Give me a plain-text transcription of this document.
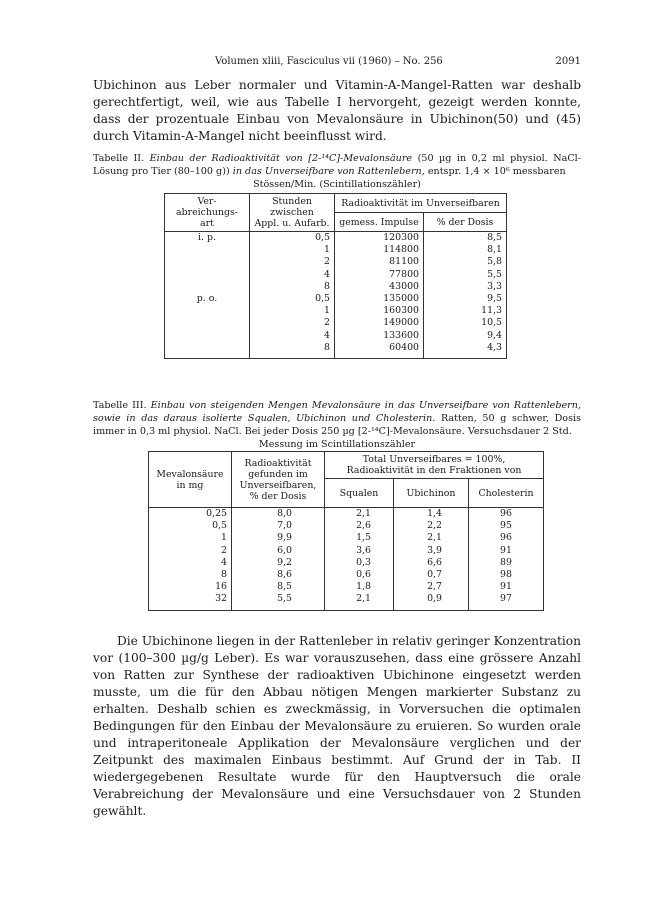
Volumen xliii, Fasciculus vii (1960) – No. 256	2091

Ubichinon aus Leber normaler und Vitamin-A-Mangel-Ratten war deshalb gerechtfertigt, weil, wie aus Tabelle I hervorgeht, gezeigt werden konnte, dass der prozentuale Einbau von Mevalonsäure in Ubichinon(50) und (45) durch Vitamin-A-Mangel nicht beeinflusst wird.

Tabelle II. Einbau der Radioaktivität von [2-¹⁴C]-Mevalonsäure (50 µg in 0,2 ml physiol. NaCl-Lösung pro Tier (80–100 g)) in das Unverseifbare von Rattenlebern, entspr. 1,4 × 10⁶ messbaren
Stössen/Min. (Scintillationszähler)

Ver-
abreichungs-
art	Stunden
zwischen
Appl. u. Aufarb.	Radioaktivität im Unverseifbaren	
		gemess. Impulse	% der Dosis
i. p.	0,5	120300	8,5
	1	114800	8,1
	2	81100	5,8
	4	77800	5,5
	8	43000	3,3
p. o.	0,5	135000	9,5
	1	160300	11,3
	2	149000	10,5
	4	133600	9,4
	8	60400	4,3

Tabelle III. Einbau von steigenden Mengen Mevalonsäure in das Unverseifbare von Rattenlebern, sowie in das daraus isolierte Squalen, Ubichinon und Cholesterin. Ratten, 50 g schwer, Dosis immer in 0,3 ml physiol. NaCl. Bei jeder Dosis 250 µg [2-¹⁴C]-Mevalonsäure. Versuchsdauer 2 Std.
Messung im Scintillationszähler

Mevalonsäure
in mg	Radioaktivität
gefunden im
Unverseifbaren,
% der Dosis	Total Unverseifbares = 100%,
Radioaktivität in den Fraktionen von		
		Squalen	Ubichinon	Cholesterin
0,25	8,0	2,1	1,4	96
0,5	7,0	2,6	2,2	95
1	9,9	1,5	2,1	96
2	6,0	3,6	3,9	91
4	9,2	0,3	6,6	89
8	8,6	0,6	0,7	98
16	8,5	1,8	2,7	91
32	5,5	2,1	0,9	97

Die Ubichinone liegen in der Rattenleber in relativ geringer Konzentration vor (100–300 µg/g Leber). Es war vorauszusehen, dass eine grössere Anzahl von Ratten zur Synthese der radioaktiven Ubichinone eingesetzt werden musste, um die für den Abbau nötigen Mengen markierter Substanz zu erhalten. Deshalb schien es zweckmässig, in Vorversuchen die optimalen Bedingungen für den Einbau der Mevalonsäure zu eruieren. So wurden orale und intraperitoneale Applikation der Mevalonsäure verglichen und der Zeitpunkt des maximalen Einbaus bestimmt. Auf Grund der in Tab. II wiedergegebenen Resultate wurde für den Hauptversuch die orale Verabreichung der Mevalonsäure und eine Versuchsdauer von 2 Stunden gewählt.
